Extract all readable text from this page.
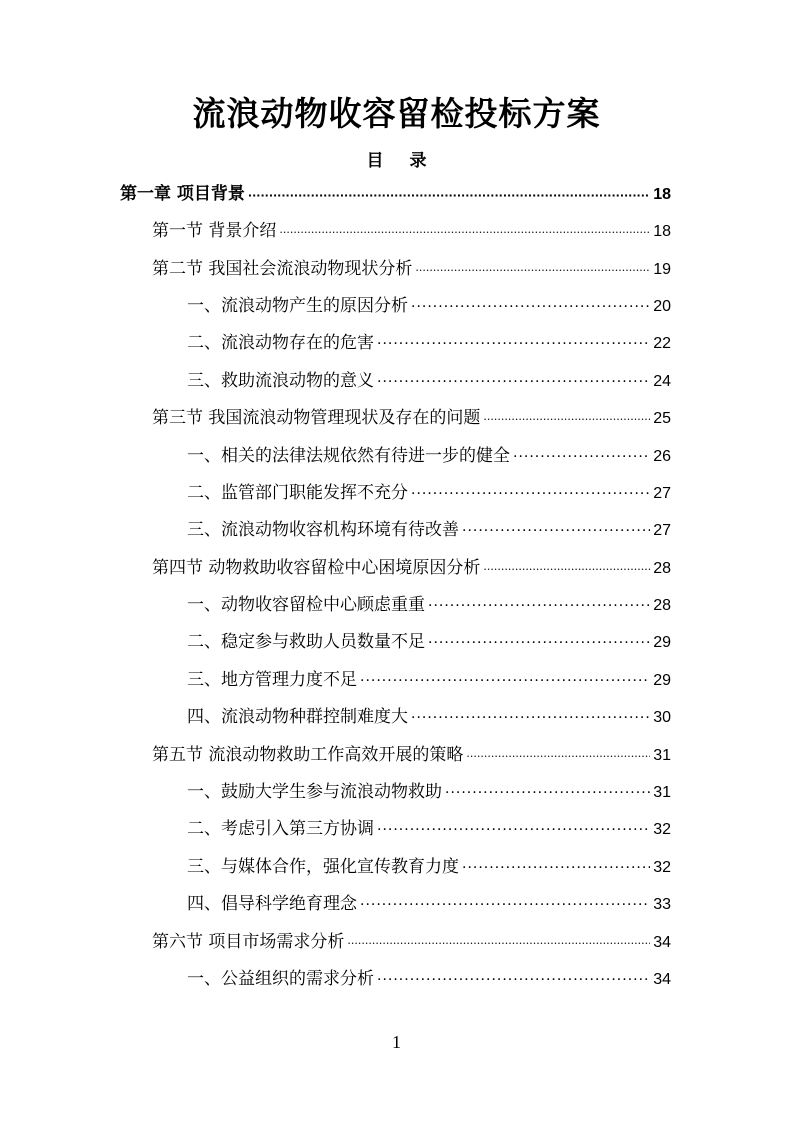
流浪动物收容留检投标方案
目 录
第一章 项目背景 ·····	18
第一节 背景介绍 ·····	18
第二节 我国社会流浪动物现状分析 ·····	19
一、流浪动物产生的原因分析 ·····	20
二、流浪动物存在的危害 ·····	22
三、救助流浪动物的意义 ·····	24
第三节 我国流浪动物管理现状及存在的问题 ·····	25
一、相关的法律法规依然有待进一步的健全 ·····	26
二、监管部门职能发挥不充分 ·····	27
三、流浪动物收容机构环境有待改善 ·····	27
第四节 动物救助收容留检中心困境原因分析 ·····	28
一、动物收容留检中心顾虑重重 ·····	28
二、稳定参与救助人员数量不足 ·····	29
三、地方管理力度不足 ·····	29
四、流浪动物种群控制难度大 ·····	30
第五节 流浪动物救助工作高效开展的策略 ·····	31
一、鼓励大学生参与流浪动物救助 ·····	31
二、考虑引入第三方协调 ·····	32
三、与媒体合作，强化宣传教育力度 ·····	32
四、倡导科学绝育理念 ·····	33
第六节 项目市场需求分析 ·····	34
一、公益组织的需求分析 ·····	34
1
